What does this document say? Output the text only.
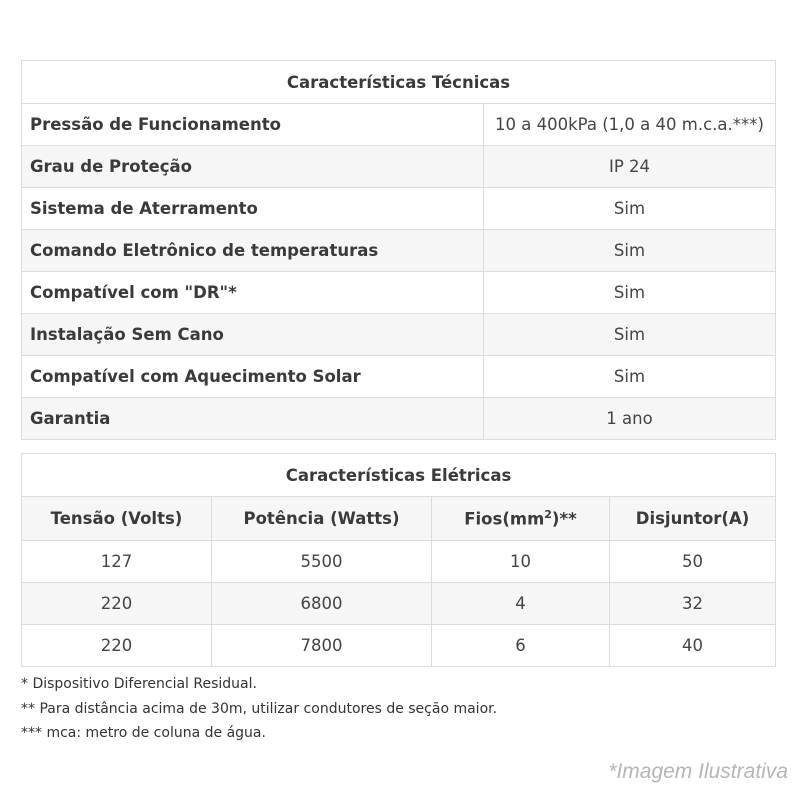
Características Técnicas	
Pressão de Funcionamento	10 a 400kPa (1,0 a 40 m.c.a.***)
Grau de Proteção	IP 24
Sistema de Aterramento	Sim
Comando Eletrônico de temperaturas	Sim
Compatível com "DR"*	Sim
Instalação Sem Cano	Sim
Compatível com Aquecimento Solar	Sim
Garantia	1 ano
Características Elétricas			
Tensão (Volts)	Potência (Watts)	$Fios(mm^2)**$	Disjuntor(A)
127	5500	10	50
220	6800	4	32
220	7800	6	40
* Dispositivo Diferencial Residual.
** Para distância acima de 30m, utilizar condutores de seção maior.
*** mca: metro de coluna de água.
*Imagem Ilustrativa
